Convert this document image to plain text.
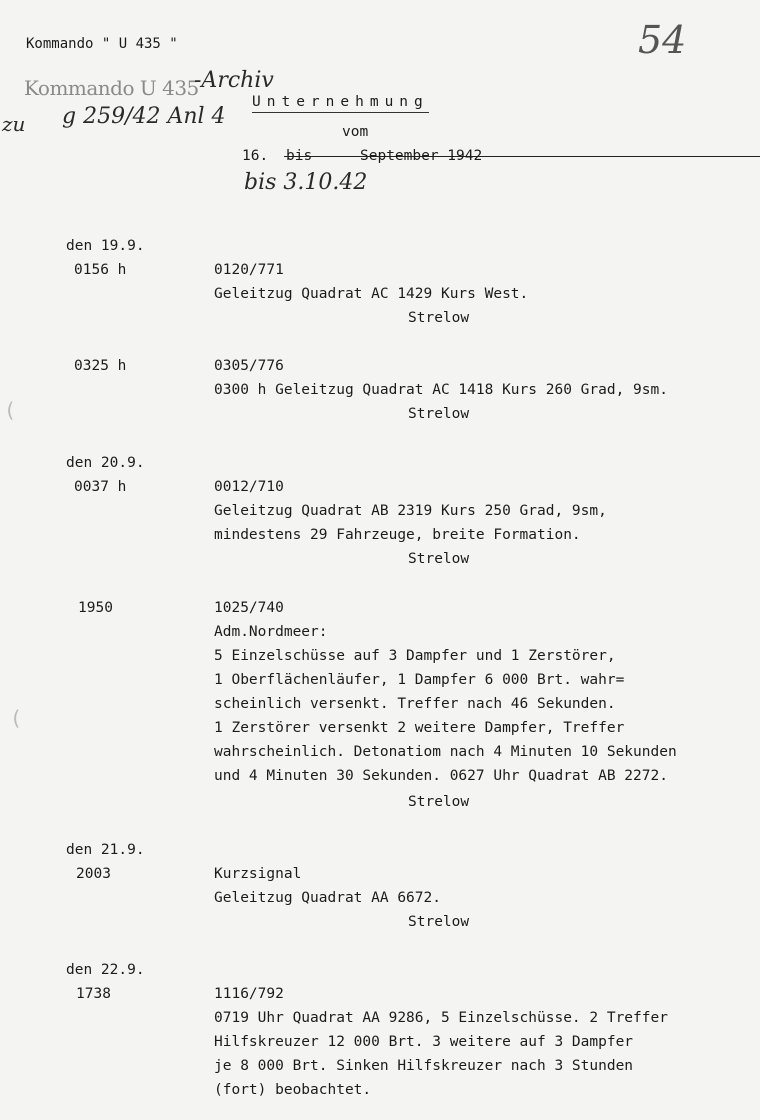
Kommando " U 435 "	54
Kommando U 435
-Archiv
zu g 259/42 Anl 4
Unternehmung
vom
16. bis	September 1942
bis 3.10.42
(
(
den 19.9.
0156 h	0120/771
Geleitzug Quadrat AC 1429 Kurs West.
Strelow
0325 h	0305/776
0300 h Geleitzug Quadrat AC 1418 Kurs 260 Grad, 9sm.
Strelow
den 20.9.
0037 h	0012/710
Geleitzug Quadrat AB 2319 Kurs 250 Grad, 9sm,
mindestens 29 Fahrzeuge, breite Formation.
Strelow
1950	1025/740
Adm.Nordmeer:
5 Einzelschüsse auf 3 Dampfer und 1 Zerstörer,
1 Oberflächenläufer, 1 Dampfer 6 000 Brt. wahr=
scheinlich versenkt. Treffer nach 46 Sekunden.
1 Zerstörer versenkt 2 weitere Dampfer, Treffer
wahrscheinlich. Detonatiom nach 4 Minuten 10 Sekunden
und 4 Minuten 30 Sekunden. 0627 Uhr Quadrat AB 2272.
Strelow
den 21.9.
2003	Kurzsignal
Geleitzug Quadrat AA 6672.
Strelow
den 22.9.
1738	1116/792
0719 Uhr Quadrat AA 9286, 5 Einzelschüsse. 2 Treffer
Hilfskreuzer 12 000 Brt. 3 weitere auf 3 Dampfer
je 8 000 Brt. Sinken Hilfskreuzer nach 3 Stunden
(fort) beobachtet.
